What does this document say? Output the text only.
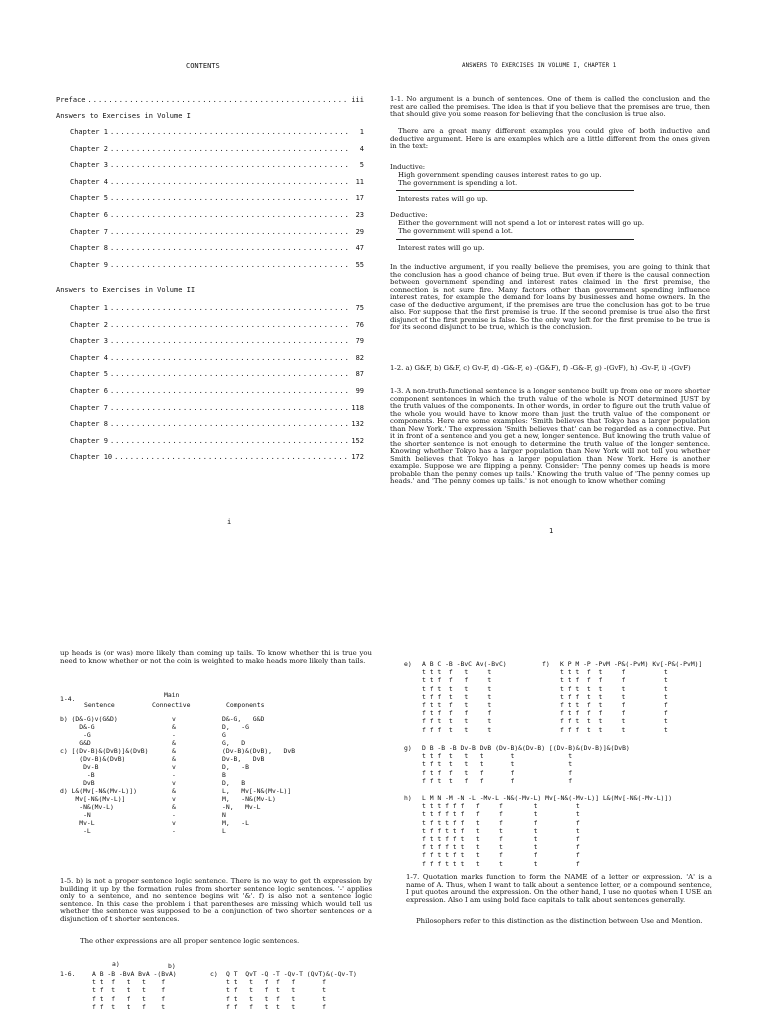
CONTENTS
Preface .....	iii
Answers to Exercises in Volume I
Chapter 1 .....	1
Chapter 2 .....	4
Chapter 3 .....	5
Chapter 4 .....	11
Chapter 5 .....	17
Chapter 6 .....	23
Chapter 7 .....	29
Chapter 8 .....	47
Chapter 9 .....	55
Answers to Exercises in Volume II
Chapter 1 .....	75
Chapter 2 .....	76
Chapter 3 .....	79
Chapter 4 .....	82
Chapter 5 .....	87
Chapter 6 .....	99
Chapter 7 .....	118
Chapter 8 .....	132
Chapter 9 .....	152
Chapter 10 .....	172
i
ANSWERS TO EXERCISES IN VOLUME I, CHAPTER 1
1-1. No argument is a bunch of sentences. One of them is called the conclusion and the rest are called the premises. The idea is that if you believe that the premises are true, then that should give you some reason for believing that the conclusion is true also.
There are a great many different examples you could give of both inductive and deductive argument. Here is are examples which are a little different from the ones given in the text:
Inductive:
High government spending causes interest rates to go up.
The government is spending a lot.
Interests rates will go up.
Deductive:
Either the government will not spend a lot or interest rates will go up.
The government will spend a lot.
Interest rates will go up.
In the inductive argument, if you really believe the premises, you are going to think that the conclusion has a good chance of being true. But even if there is the causal connection between government spending and interest rates claimed in the first premise, the connection is not sure fire. Many factors other than government spending influence interest rates, for example the demand for loans by businesses and home owners. In the case of the deductive argument, if the premises are true the conclusion has got to be true also. For suppose that the first premise is true. If the second premise is true also the first disjunct of the first premise is false. So the only way left for the first premise to be true is for its second disjunct to be true, which is the conclusion.
1-2. a) G&F, b) G&F, c) Gv-F, d) -G&-F, e) -(G&F), f) -G&-F, g) -(GvF), h) -Gv-F, i) -(GvF)
1-3. A non-truth-functional sentence is a longer sentence built up from one or more shorter component sentences in which the truth value of the whole is NOT determined JUST by the truth values of the components. In other words, in order to figure out the truth value of the whole you would have to know more than just the truth value of the component or components. Here are some examples: 'Smith believes that Tokyo has a larger population than New York.' The expression 'Smith believes that' can be regarded as a connective. Put it in front of a sentence and you get a new, longer sentence. But knowing the truth value of the shorter sentence is not enough to determine the truth value of the longer sentence. Knowing whether Tokyo has a larger population than New York will not tell you whether Smith believes that Tokyo has a larger population than New York. Here is another example. Suppose we are flipping a penny. Consider: 'The penny comes up heads is more probable than the penny comes up tails.' Knowing the truth value of 'The penny comes up heads.' and 'The penny comes up tails.' is not enough to know whether coming
1
up heads is (or was) more likely than coming up tails. To know whether thi is true you need to know whether or not the coin is weighted to make heads more likely than tails.
1-4.	Main
Sentence	Connective	Components
b) (D&-G)v(G&D)	v	D&-G,   G&D
D&-G	&	D,   -G
-G	-	G
G&D	&	G,   D
c) [(Dv-B)&(DvB)]&(DvB)	&	(Dv-B)&(DvB),   DvB
(Dv-B)&(DvB)	&	Dv-B,   DvB
Dv-B	v	D,   -B
-B	-	B
DvB	v	D,   B
d) L&(Mv[-N&(Mv-L)])	&	L,   Mv[-N&(Mv-L)]
Mv[-N&(Mv-L)]	v	M,   -N&(Mv-L)
-N&(Mv-L)	&	-N,   Mv-L
-N	-	N
Mv-L	v	M,   -L
-L	-	L
1-5. b) is not a proper sentence logic sentence. There is no way to get th expression by building it up by the formation rules from shorter sentence logic sentences. '-' applies only to a sentence, and no sentence begins wit '&'. f) is also not a sentence logic sentence. In this case the problem i that parentheses are missing which would tell us whether the sentence was supposed to be a conjunction of two shorter sentences or a disjunction of t shorter sentences.
The other expressions are all proper sentence logic sentences.
a)	b)
1-6.	A B -B -BvA BvA -(BvA)
t t  f   t   t    f
t f  t   t   t    f
f t  f   f   t    f
f f  t   t   f    t
c) Q T  QvT -Q -T -Qv-T (QvT)&(-Qv-T)
t t   t   f  f   f       f
t f   t   f  t   t       t
f t   t   t  f   t       t
f f   f   t  t   t       f
e) A B C -B -BvC Av(-BvC)
t t t  f   t     t
t t f  f   f     t
t f t  t   t     t
t f f  t   t     t
f t t  f   t     t
f t f  f   f     f
f f t  t   t     t
f f f  t   t     t
f) K P M -P -PvM -P&(-PvM) Kv[-P&(-PvM)]
t t t  f  t     f          t
t t f  f  f     f          t
t f t  t  t     t          t
t f f  t  t     t          t
f t t  f  t     f          f
f t f  f  f     f          f
f f t  t  t     t          t
f f f  t  t     t          t
g) D B -B -B Dv-B DvB (Dv-B)&(Dv-B) [(Dv-B)&(Dv-B)]&(DvB)
t t f  t   t   t       t              t
t f t  t   t   t       t              t
f t f  f   t   f       f              f
f f t  t   f   f       f              f
h) L M N -M -N -L -Mv-L -N&(-Mv-L) Mv[-N&(-Mv-L)] L&(Mv[-N&(-Mv-L)])
t t t f f f   f     f        t          t
t t f f t f   f     f        t          t
t f t t f f   t     f        f          f
t f f t t f   t     t        t          t
f t t f f t   t     f        t          f
f t f f t t   t     t        t          f
f f t t f t   t     f        f          f
f f f t t t   t     t        t          f
1-7. Quotation marks function to form the NAME of a letter or expression. 'A' is a name of A. Thus, when I want to talk about a sentence letter, or a compound sentence, I put quotes around the expression. On the other hand, I use no quotes when I USE an expression. Also I am using bold face capitals to talk about sentences generally.
Philosophers refer to this distinction as the distinction between Use and Mention.
